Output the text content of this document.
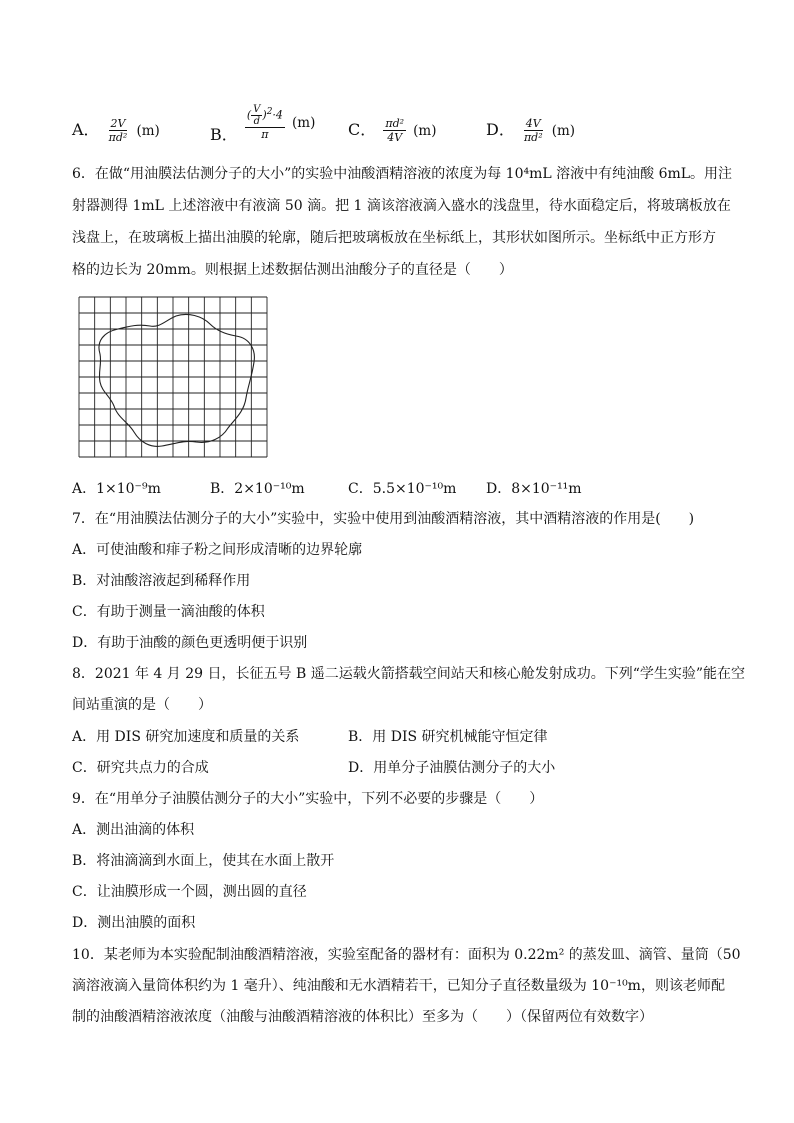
A． $\frac{2V}{\text{πd²}} (m)$	B． $\frac{( \frac{V}{d} )^2\cdot 4}{\pi} (m)$ C． $\frac{\text{πd²}}{4V} (m)$	D． $\frac{4V}{\text{πd²}} (m)$
6．在做“用油膜法估测分子的大小”的实验中油酸酒精溶液的浓度为每 10⁴mL 溶液中有纯油酸 6mL。用注
射器测得 1mL 上述溶液中有液滴 50 滴。把 1 滴该溶液滴入盛水的浅盘里，待水面稳定后，将玻璃板放在
浅盘上，在玻璃板上描出油膜的轮廓，随后把玻璃板放在坐标纸上，其形状如图所示。坐标纸中正方形方
格的边长为 20mm。则根据上述数据估测出油酸分子的直径是（　　）
A．1×10⁻⁹m	B．2×10⁻¹⁰m	C．5.5×10⁻¹⁰m D．8×10⁻¹¹m
7．在“用油膜法估测分子的大小”实验中，实验中使用到油酸酒精溶液，其中酒精溶液的作用是(　　)
A．可使油酸和痱子粉之间形成清晰的边界轮廓
B．对油酸溶液起到稀释作用
C．有助于测量一滴油酸的体积
D．有助于油酸的颜色更透明便于识别
8．2021 年 4 月 29 日，长征五号 B 遥二运载火箭搭载空间站天和核心舱发射成功。下列“学生实验”能在空
间站重演的是（　　）
A．用 DIS 研究加速度和质量的关系	B．用 DIS 研究机械能守恒定律
C．研究共点力的合成	D．用单分子油膜估测分子的大小
9．在“用单分子油膜估测分子的大小”实验中，下列不必要的步骤是（　　）
A．测出油滴的体积
B．将油滴滴到水面上，使其在水面上散开
C．让油膜形成一个圆，测出圆的直径
D．测出油膜的面积
10．某老师为本实验配制油酸酒精溶液，实验室配备的器材有：面积为 0.22m² 的蒸发皿、滴管、量筒（50
滴溶液滴入量筒体积约为 1 毫升）、纯油酸和无水酒精若干，已知分子直径数量级为 10⁻¹⁰m，则该老师配
制的油酸酒精溶液浓度（油酸与油酸酒精溶液的体积比）至多为（　　）（保留两位有效数字）
